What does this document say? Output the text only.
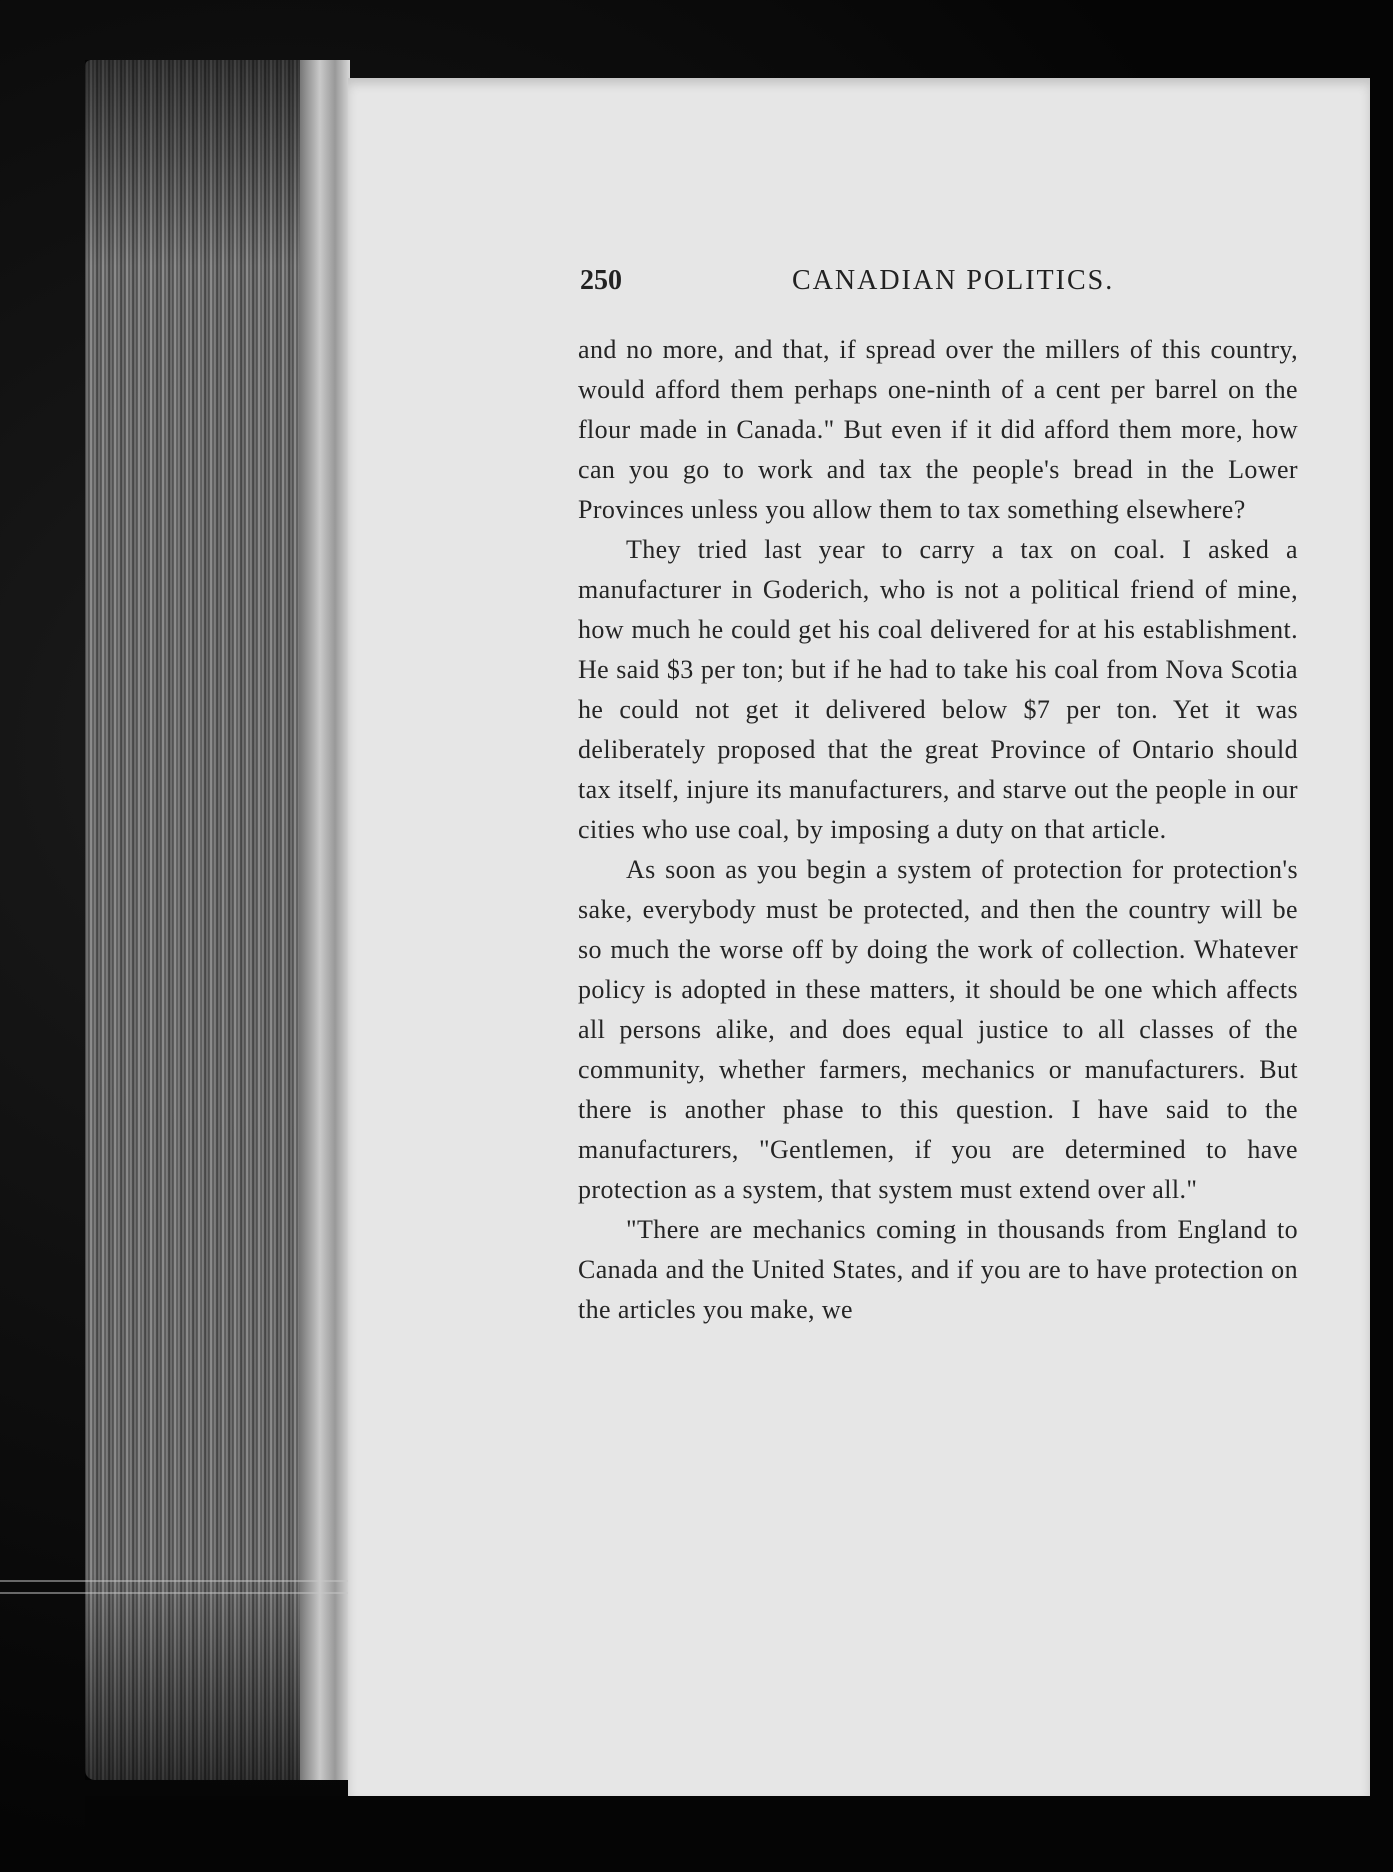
250	CANADIAN POLITICS.

and no more, and that, if spread over the millers of this country, would afford them perhaps one-ninth of a cent per barrel on the flour made in Canada." But even if it did afford them more, how can you go to work and tax the people's bread in the Lower Provinces unless you allow them to tax something elsewhere?

They tried last year to carry a tax on coal. I asked a manufacturer in Goderich, who is not a political friend of mine, how much he could get his coal delivered for at his establishment. He said $3 per ton; but if he had to take his coal from Nova Scotia he could not get it delivered below $7 per ton. Yet it was deliberately proposed that the great Province of Ontario should tax itself, injure its manufacturers, and starve out the people in our cities who use coal, by imposing a duty on that article.

As soon as you begin a system of protection for protection's sake, everybody must be protected, and then the country will be so much the worse off by doing the work of collection. Whatever policy is adopted in these matters, it should be one which affects all persons alike, and does equal justice to all classes of the community, whether farmers, mechanics or manufacturers. But there is another phase to this question. I have said to the manufacturers, "Gentlemen, if you are determined to have protection as a system, that system must extend over all."

"There are mechanics coming in thousands from England to Canada and the United States, and if you are to have protection on the articles you make, we
